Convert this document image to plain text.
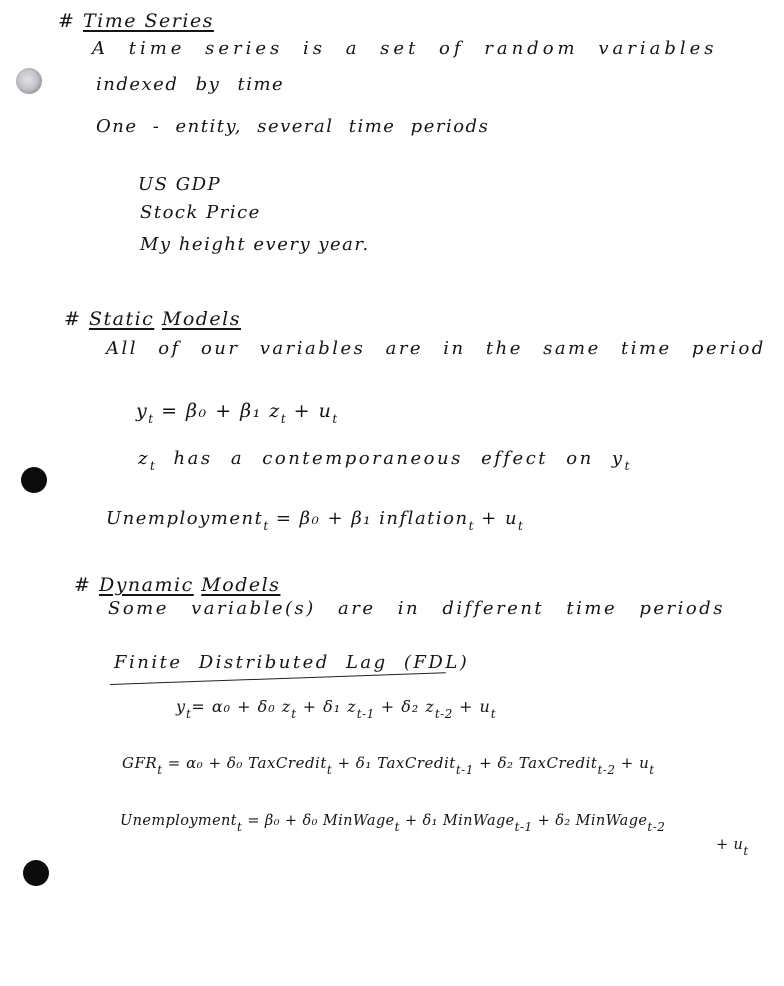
# Time Series
A time series is a set of random variables
indexed by time
One - entity, several time periods
US GDP
Stock Price
My height every year.
# Static Models
All of our variables are in the same time period
$y_t = \beta_0 + \beta_1$ $z_t + u_t$
$z_t$ has a contemporaneous effect on $y_t$
Unemployment$_t$ = β₀ + β₁ inflation$_t$ + $u_t$
# Dynamic Models
Some variable(s) are in different time periods
Finite Distributed Lag (FDL)
$y_t= \alpha_0 + \delta_0$ $z_t + \delta_1$ $z_{t-1} + \delta_2$ $z_{t-2} + u_t$
$GFR_t = \alpha_0 + \delta_0$ TaxCredit$_t$ + δ₁ TaxCredit$_{t-1}$ + δ₂ TaxCredit$_{t-2}$ + $u_t$
Unemployment$_t$ = β₀ + δ₀ MinWage$_t$ + δ₁ MinWage$_{t-1}$ + δ₂ MinWage$_{t-2}$
+ $u_t$
